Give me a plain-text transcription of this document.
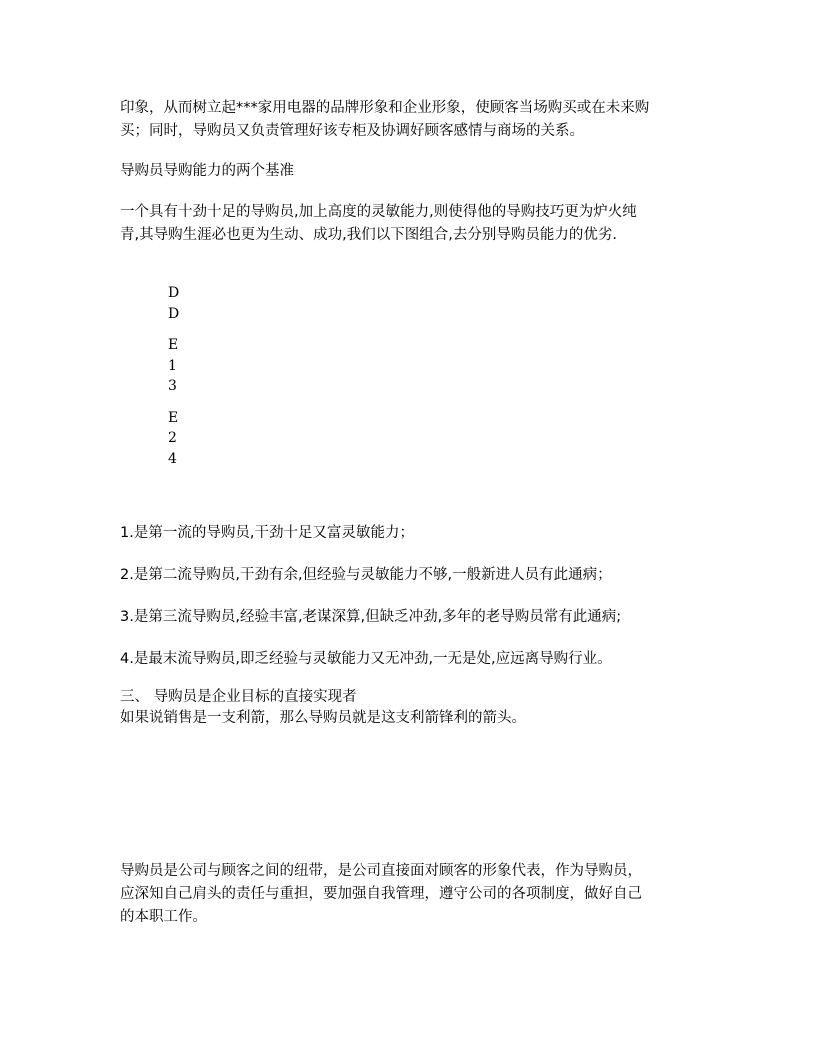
印象，从而树立起***家用电器的品牌形象和企业形象，使顾客当场购买或在未来购
买；同时，导购员又负责管理好该专柜及协调好顾客感情与商场的关系。

导购员导购能力的两个基准

一个具有十劲十足的导购员,加上高度的灵敏能力,则使得他的导购技巧更为炉火纯
青,其导购生涯必也更为生动、成功,我们以下图组合,去分别导购员能力的优劣.

D
D
E
1
3
E
2
4

1.是第一流的导购员,干劲十足又富灵敏能力；

2.是第二流导购员,干劲有余,但经验与灵敏能力不够,一般新进人员有此通病；

3.是第三流导购员,经验丰富,老谋深算,但缺乏冲劲,多年的老导购员常有此通病;

4.是最末流导购员,即乏经验与灵敏能力又无冲劲,一无是处,应远离导购行业。

三、 导购员是企业目标的直接实现者
如果说销售是一支利箭，那么导购员就是这支利箭锋利的箭头。

导购员是公司与顾客之间的纽带，是公司直接面对顾客的形象代表，作为导购员，
应深知自己肩头的责任与重担，要加强自我管理，遵守公司的各项制度，做好自己
的本职工作。
